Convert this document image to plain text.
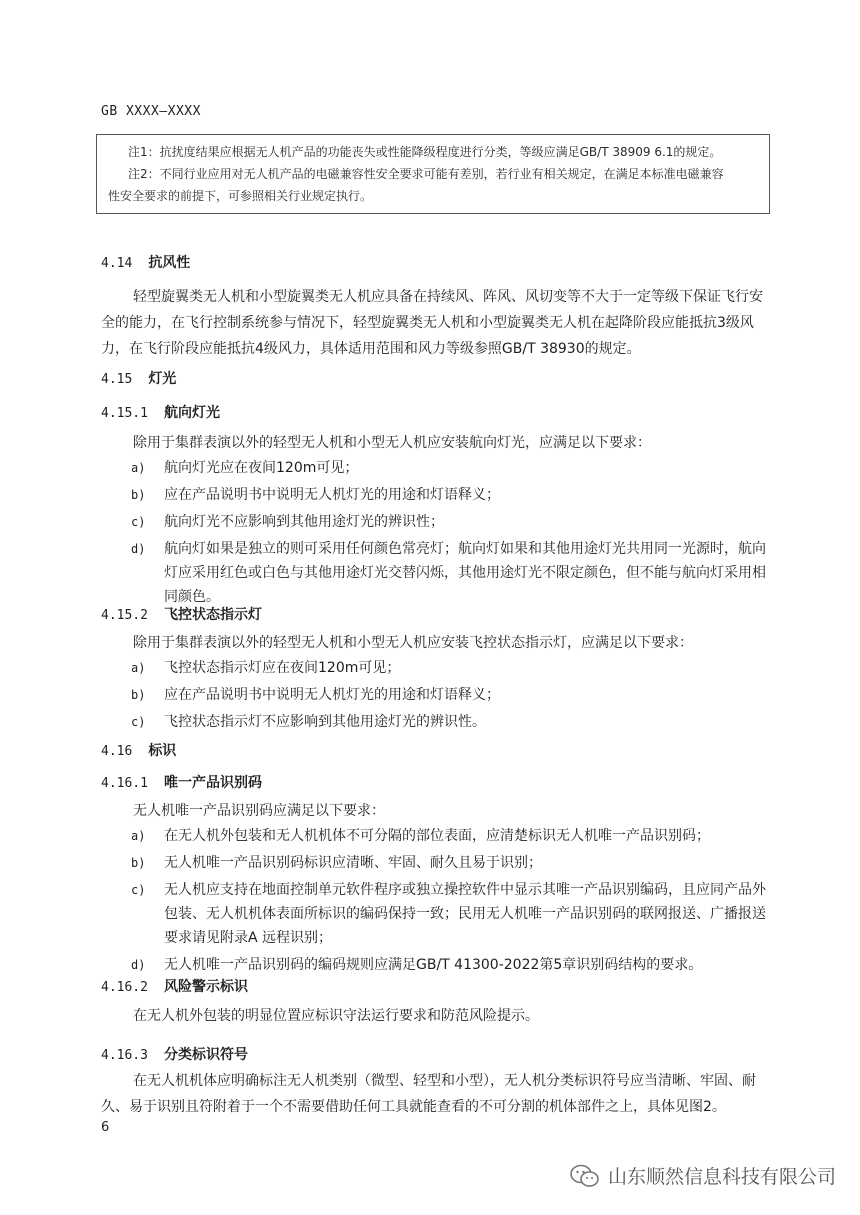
GB XXXX—XXXX

注1：抗扰度结果应根据无人机产品的功能丧失或性能降级程度进行分类，等级应满足GB/T 38909 6.1的规定。

注2：不同行业应用对无人机产品的电磁兼容性安全要求可能有差别，若行业有相关规定，在满足本标准电磁兼容

性安全要求的前提下，可参照相关行业规定执行。

4.14 抗风性

轻型旋翼类无人机和小型旋翼类无人机应具备在持续风、阵风、风切变等不大于一定等级下保证飞行安全的能力，在飞行控制系统参与情况下，轻型旋翼类无人机和小型旋翼类无人机在起降阶段应能抵抗3级风力，在飞行阶段应能抵抗4级风力，具体适用范围和风力等级参照GB/T 38930的规定。

4.15 灯光
4.15.1 航向灯光

除用于集群表演以外的轻型无人机和小型无人机应安装航向灯光，应满足以下要求：

a) 航向灯光应在夜间120m可见；
b) 应在产品说明书中说明无人机灯光的用途和灯语释义；
c) 航向灯光不应影响到其他用途灯光的辨识性；
d) 航向灯如果是独立的则可采用任何颜色常亮灯；航向灯如果和其他用途灯光共用同一光源时，航向灯应采用红色或白色与其他用途灯光交替闪烁，其他用途灯光不限定颜色，但不能与航向灯采用相同颜色。
4.15.2 飞控状态指示灯

除用于集群表演以外的轻型无人机和小型无人机应安装飞控状态指示灯，应满足以下要求：

a) 飞控状态指示灯应在夜间120m可见；
b) 应在产品说明书中说明无人机灯光的用途和灯语释义；
c) 飞控状态指示灯不应影响到其他用途灯光的辨识性。
4.16 标识
4.16.1 唯一产品识别码

无人机唯一产品识别码应满足以下要求：

a) 在无人机外包装和无人机机体不可分隔的部位表面，应清楚标识无人机唯一产品识别码；
b) 无人机唯一产品识别码标识应清晰、牢固、耐久且易于识别；
c) 无人机应支持在地面控制单元软件程序或独立操控软件中显示其唯一产品识别编码，且应同产品外包装、无人机机体表面所标识的编码保持一致；民用无人机唯一产品识别码的联网报送、广播报送要求请见附录A 远程识别；
d) 无人机唯一产品识别码的编码规则应满足GB/T 41300-2022第5章识别码结构的要求。
4.16.2 风险警示标识

在无人机外包装的明显位置应标识守法运行要求和防范风险提示。

4.16.3 分类标识符号

在无人机机体应明确标注无人机类别（微型、轻型和小型），无人机分类标识符号应当清晰、牢固、耐久、易于识别且符附着于一个不需要借助任何工具就能查看的不可分割的机体部件之上，具体见图2。

6
山东顺然信息科技有限公司
